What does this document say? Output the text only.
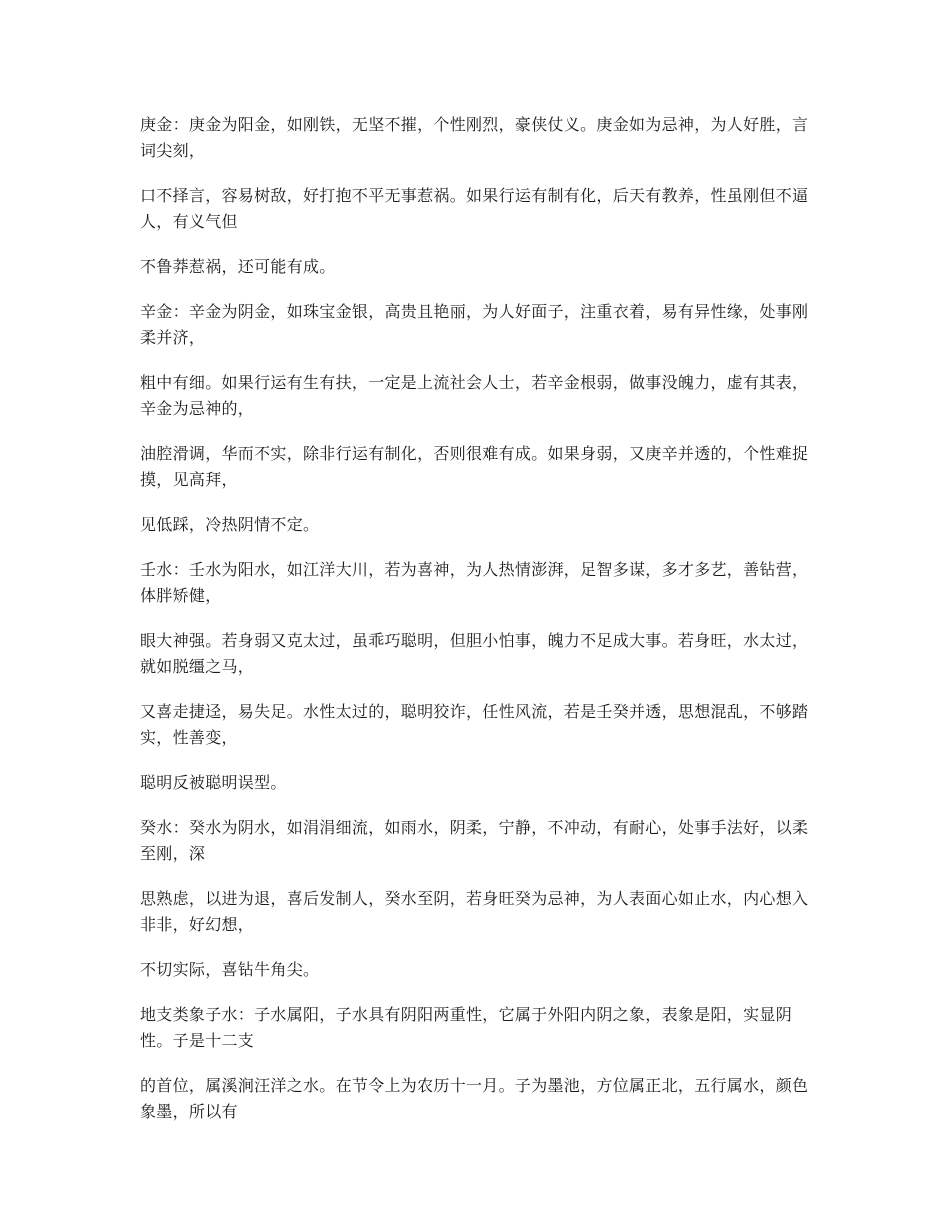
庚金：庚金为阳金，如刚铁，无坚不摧，个性刚烈，豪侠仗义。庚金如为忌神，为人好胜，言词尖刻，

口不择言，容易树敌，好打抱不平无事惹祸。如果行运有制有化，后天有教养，性虽刚但不逼人，有义气但

不鲁莽惹祸，还可能有成。

辛金：辛金为阴金，如珠宝金银，高贵且艳丽，为人好面子，注重衣着，易有异性缘，处事刚柔并济，

粗中有细。如果行运有生有扶，一定是上流社会人士，若辛金根弱，做事没魄力，虚有其表，辛金为忌神的，

油腔滑调，华而不实，除非行运有制化，否则很难有成。如果身弱，又庚辛并透的，个性难捉摸，见高拜，

见低踩，冷热阴情不定。

壬水：壬水为阳水，如江洋大川，若为喜神，为人热情澎湃，足智多谋，多才多艺，善钻营，体胖矫健，

眼大神强。若身弱又克太过，虽乖巧聪明，但胆小怕事，魄力不足成大事。若身旺，水太过，就如脱缰之马，

又喜走捷迳，易失足。水性太过的，聪明狡诈，任性风流，若是壬癸并透，思想混乱，不够踏实，性善变，

聪明反被聪明误型。

癸水：癸水为阴水，如涓涓细流，如雨水，阴柔，宁静，不冲动，有耐心，处事手法好，以柔至刚，深

思熟虑，以进为退，喜后发制人，癸水至阴，若身旺癸为忌神，为人表面心如止水，内心想入非非，好幻想，

不切实际，喜钻牛角尖。

地支类象子水：子水属阳，子水具有阴阳两重性，它属于外阳内阴之象，表象是阳，实显阴性。子是十二支

的首位，属溪涧汪洋之水。在节令上为农历十一月。子为墨池，方位属正北，五行属水，颜色象墨，所以有
